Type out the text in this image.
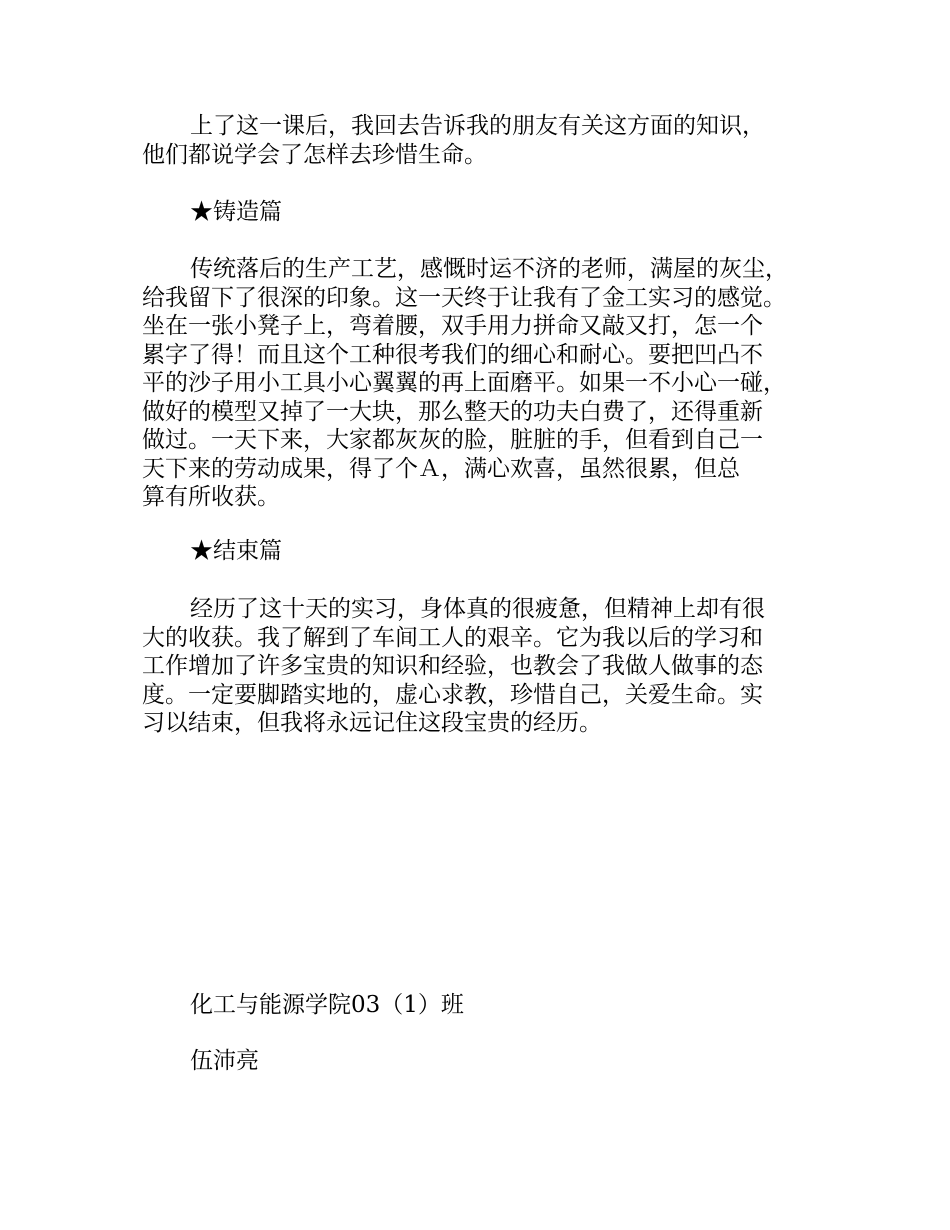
上了这一课后，我回去告诉我的朋友有关这方面的知识，
他们都说学会了怎样去珍惜生命。
★铸造篇
传统落后的生产工艺，感慨时运不济的老师，满屋的灰尘，
给我留下了很深的印象。这一天终于让我有了金工实习的感觉。
坐在一张小凳子上，弯着腰，双手用力拼命又敲又打，怎一个
累字了得！而且这个工种很考我们的细心和耐心。要把凹凸不
平的沙子用小工具小心翼翼的再上面磨平。如果一不小心一碰，
做好的模型又掉了一大块，那么整天的功夫白费了，还得重新
做过。一天下来，大家都灰灰的脸，脏脏的手，但看到自己一
天下来的劳动成果，得了个Ａ，满心欢喜，虽然很累，但总
算有所收获。
★结束篇
经历了这十天的实习，身体真的很疲惫，但精神上却有很
大的收获。我了解到了车间工人的艰辛。它为我以后的学习和
工作增加了许多宝贵的知识和经验，也教会了我做人做事的态
度。一定要脚踏实地的，虚心求教，珍惜自己，关爱生命。实
习以结束，但我将永远记住这段宝贵的经历。
化工与能源学院03（1）班
伍沛亮
